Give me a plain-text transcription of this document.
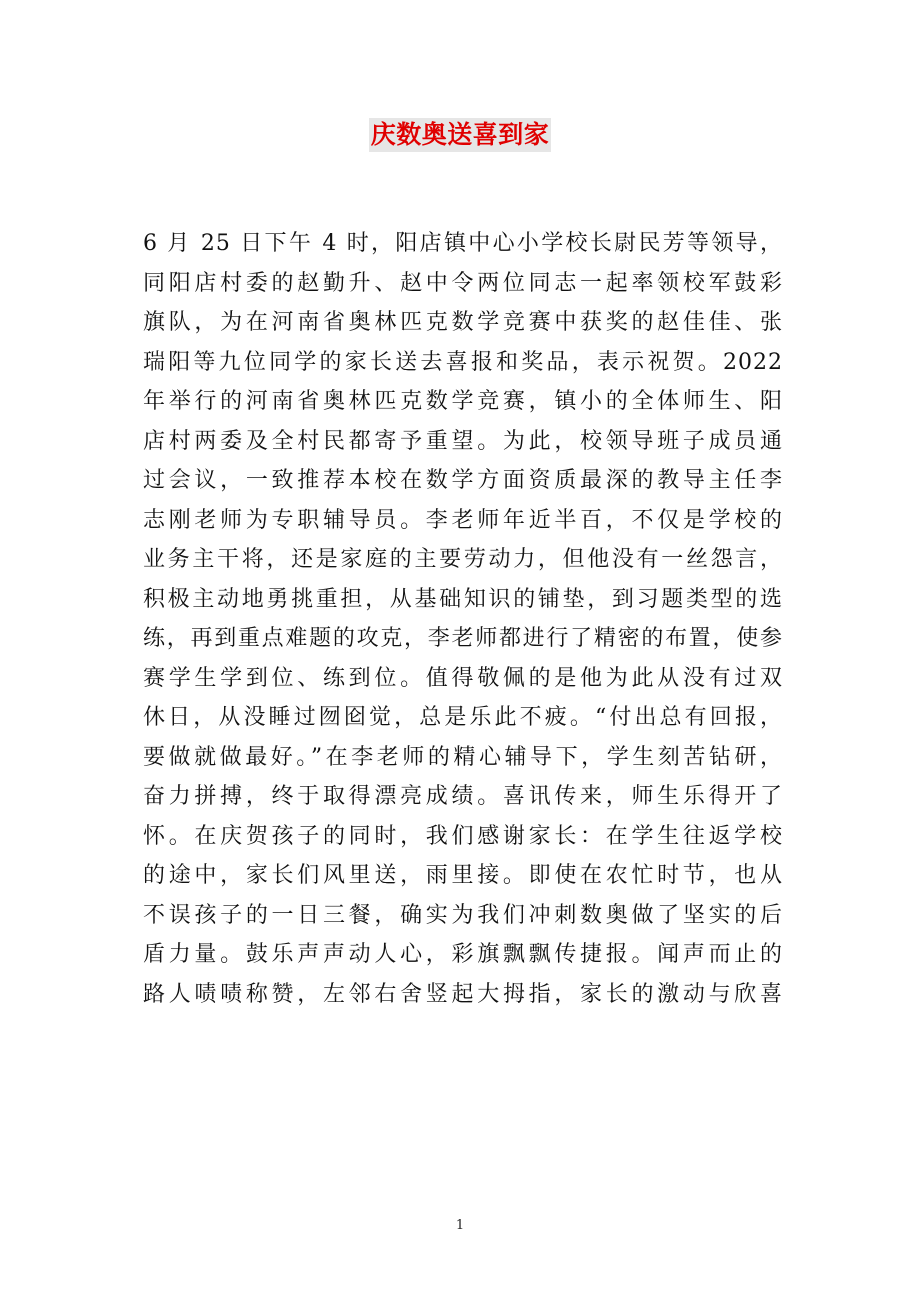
庆数奥送喜到家
6 月 25 日下午 4 时，阳店镇中心小学校长尉民芳等领导，
同阳店村委的赵勤升、赵中令两位同志一起率领校军鼓彩
旗队，为在河南省奥林匹克数学竞赛中获奖的赵佳佳、张
瑞阳等九位同学的家长送去喜报和奖品，表示祝贺。2022
年举行的河南省奥林匹克数学竞赛，镇小的全体师生、阳
店村两委及全村民都寄予重望。为此，校领导班子成员通
过会议，一致推荐本校在数学方面资质最深的教导主任李
志刚老师为专职辅导员。李老师年近半百，不仅是学校的
业务主干将，还是家庭的主要劳动力，但他没有一丝怨言，
积极主动地勇挑重担，从基础知识的铺垫，到习题类型的选
练，再到重点难题的攻克，李老师都进行了精密的布置，使参
赛学生学到位、练到位。值得敬佩的是他为此从没有过双
休日，从没睡过囫囵觉，总是乐此不疲。“付出总有回报，
要做就做最好。”在李老师的精心辅导下，学生刻苦钻研，
奋力拼搏，终于取得漂亮成绩。喜讯传来，师生乐得开了
怀。在庆贺孩子的同时，我们感谢家长：在学生往返学校
的途中，家长们风里送，雨里接。即使在农忙时节，也从
不误孩子的一日三餐，确实为我们冲刺数奥做了坚实的后
盾力量。鼓乐声声动人心，彩旗飘飘传捷报。闻声而止的
路人啧啧称赞，左邻右舍竖起大拇指，家长的激动与欣喜
1
